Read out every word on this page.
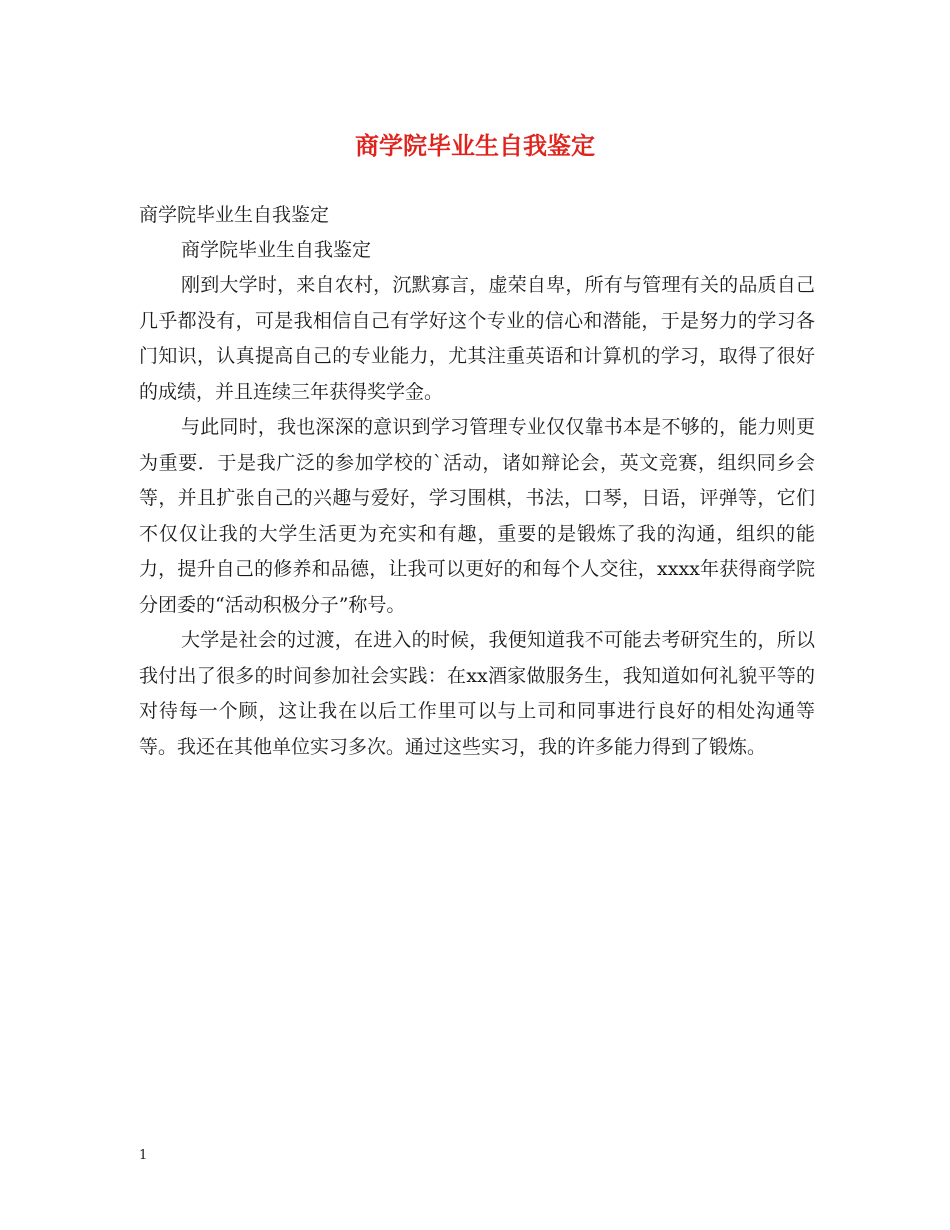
商学院毕业生自我鉴定

商学院毕业生自我鉴定

商学院毕业生自我鉴定

刚到大学时，来自农村，沉默寡言，虚荣自卑，所有与管理有关的品质自己几乎都没有，可是我相信自己有学好这个专业的信心和潜能，于是努力的学习各门知识，认真提高自己的专业能力，尤其注重英语和计算机的学习，取得了很好的成绩，并且连续三年获得奖学金。

与此同时，我也深深的意识到学习管理专业仅仅靠书本是不够的，能力则更为重要．于是我广泛的参加学校的`活动，诸如辩论会，英文竞赛，组织同乡会等，并且扩张自己的兴趣与爱好，学习围棋，书法，口琴，日语，评弹等，它们不仅仅让我的大学生活更为充实和有趣，重要的是锻炼了我的沟通，组织的能力，提升自己的修养和品德，让我可以更好的和每个人交往，xxxx年获得商学院分团委的“活动积极分子”称号。

大学是社会的过渡，在进入的时候，我便知道我不可能去考研究生的，所以我付出了很多的时间参加社会实践：在xx酒家做服务生，我知道如何礼貌平等的对待每一个顾，这让我在以后工作里可以与上司和同事进行良好的相处沟通等等。我还在其他单位实习多次。通过这些实习，我的许多能力得到了锻炼。

1
